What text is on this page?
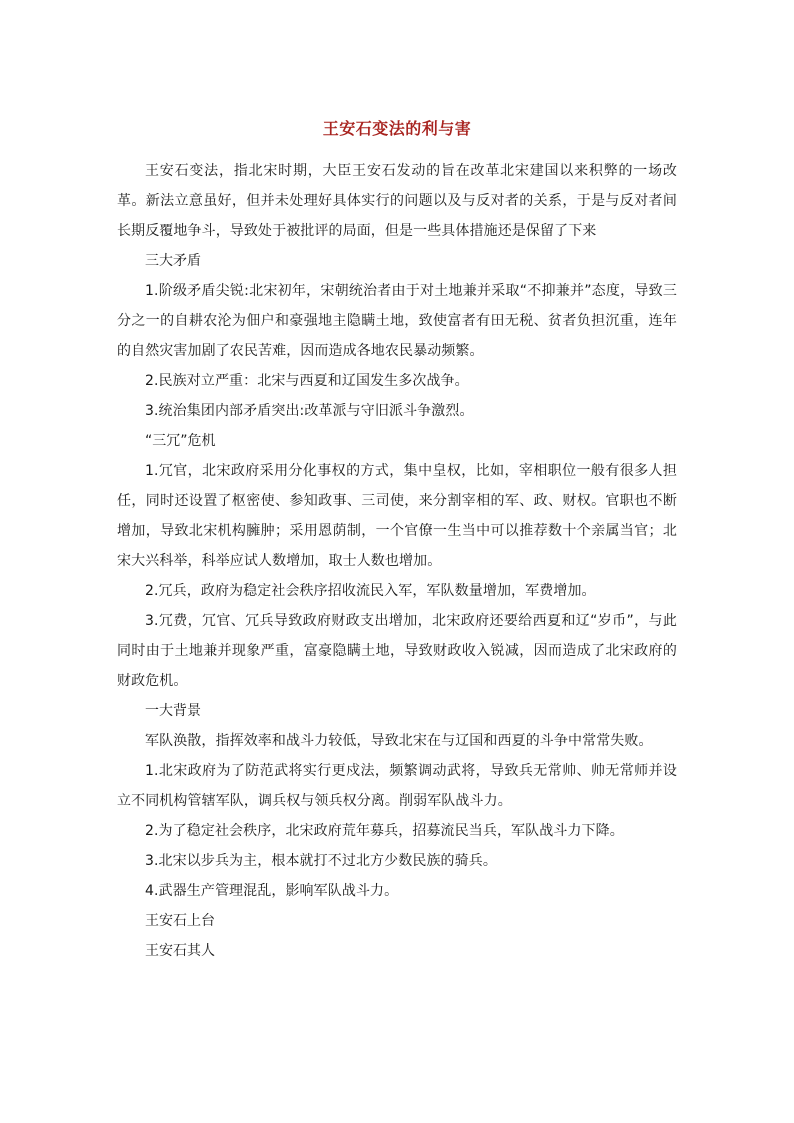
王安石变法的利与害

王安石变法，指北宋时期，大臣王安石发动的旨在改革北宋建国以来积弊的一场改革。新法立意虽好，但并未处理好具体实行的问题以及与反对者的关系，于是与反对者间长期反覆地争斗，导致处于被批评的局面，但是一些具体措施还是保留了下来

三大矛盾

1.阶级矛盾尖锐:北宋初年，宋朝统治者由于对土地兼并采取“不抑兼并”态度，导致三分之一的自耕农沦为佃户和豪强地主隐瞒土地，致使富者有田无税、贫者负担沉重，连年的自然灾害加剧了农民苦难，因而造成各地农民暴动频繁。

2.民族对立严重：北宋与西夏和辽国发生多次战争。

3.统治集团内部矛盾突出:改革派与守旧派斗争激烈。

“三冗”危机

1.冗官，北宋政府采用分化事权的方式，集中皇权，比如，宰相职位一般有很多人担任，同时还设置了枢密使、参知政事、三司使，来分割宰相的军、政、财权。官职也不断增加，导致北宋机构臃肿；采用恩荫制，一个官僚一生当中可以推荐数十个亲属当官；北宋大兴科举，科举应试人数增加，取士人数也增加。

2.冗兵，政府为稳定社会秩序招收流民入军，军队数量增加，军费增加。

3.冗费，冗官、冗兵导致政府财政支出增加，北宋政府还要给西夏和辽“岁币”，与此同时由于土地兼并现象严重，富豪隐瞒土地，导致财政收入锐减，因而造成了北宋政府的财政危机。

一大背景

军队涣散，指挥效率和战斗力较低，导致北宋在与辽国和西夏的斗争中常常失败。

1.北宋政府为了防范武将实行更戍法，频繁调动武将，导致兵无常帅、帅无常师并设立不同机构管辖军队，调兵权与领兵权分离。削弱军队战斗力。

2.为了稳定社会秩序，北宋政府荒年募兵，招募流民当兵，军队战斗力下降。

3.北宋以步兵为主，根本就打不过北方少数民族的骑兵。

4.武器生产管理混乱，影响军队战斗力。

王安石上台

王安石其人
